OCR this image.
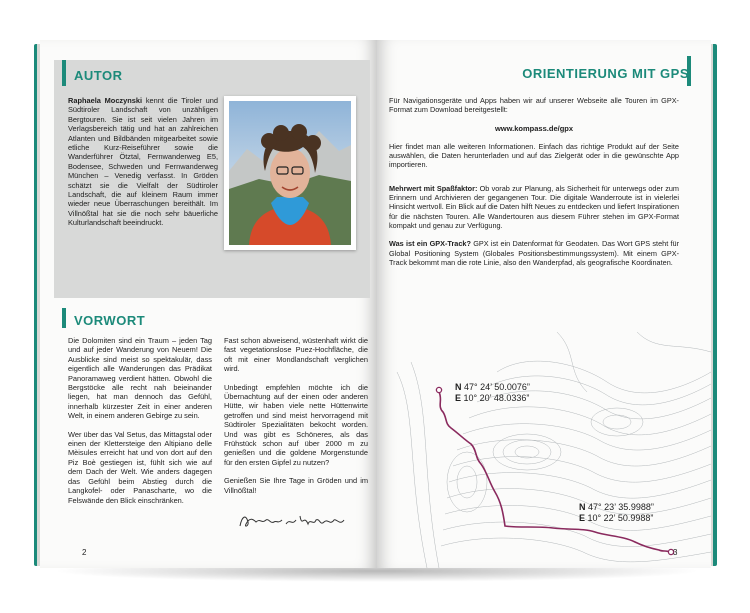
AUTOR
Raphaela Moczynski kennt die Tiroler und Südtiroler Landschaft von unzähligen Bergtouren. Sie ist seit vielen Jahren im Verlagsbereich tätig und hat an zahlreichen Atlanten und Bildbänden mitgearbeitet sowie etliche Kurz-Reiseführer sowie die Wanderführer Ötztal, Fernwanderweg E5, Bodensee, Schweden und Fernwanderweg München – Venedig verfasst. In Gröden schätzt sie die Vielfalt der Südtiroler Landschaft, die auf kleinem Raum immer wieder neue Überraschungen bereithält. Im Villnößtal hat sie die noch sehr bäuerliche Kulturlandschaft beeindruckt.
VORWORT

Die Dolomiten sind ein Traum – jeden Tag und auf jeder Wanderung von Neuem! Die Ausblicke sind meist so spektakulär, dass eigentlich alle Wanderungen das Prädikat Panoramaweg verdient hätten. Obwohl die Bergstöcke alle recht nah beieinander liegen, hat man dennoch das Gefühl, innerhalb kürzester Zeit in einer anderen Welt, in einem anderen Gebirge zu sein.

Wer über das Val Setus, das Mittagstal oder einen der Klettersteige den Altipiano delle Mèisules erreicht hat und von dort auf den Piz Boè gestiegen ist, fühlt sich wie auf dem Dach der Welt. Wie anders dagegen das Gefühl beim Abstieg durch die Langkofel- oder Panascharte, wo die Felswände den Blick einschränken.

Fast schon abweisend, wüstenhaft wirkt die fast vegetationslose Puez-Hochfläche, die oft mit einer Mondlandschaft verglichen wird.

Unbedingt empfehlen möchte ich die Übernachtung auf der einen oder anderen Hütte, wir haben viele nette Hüttenwirte getroffen und sind meist hervorragend mit Südtiroler Spezialitäten bekocht worden. Und was gibt es Schöneres, als das Frühstück schon auf über 2000 m zu genießen und die goldene Morgenstunde für den ersten Gipfel zu nutzen?

Genießen Sie Ihre Tage in Gröden und im Villnößtal!

2
ORIENTIERUNG MIT GPS

Für Navigationsgeräte und Apps haben wir auf unserer Webseite alle Touren im GPX-Format zum Download bereitgestellt:

www.kompass.de/gpx

Hier findet man alle weiteren Informationen. Einfach das richtige Produkt auf der Seite auswählen, die Daten herunterladen und auf das Zielgerät oder in die gewünschte App importieren.

Mehrwert mit Spaßfaktor: Ob vorab zur Planung, als Sicherheit für unterwegs oder zum Erinnern und Archivieren der gegangenen Tour. Die digitale Wanderroute ist in vielerlei Hinsicht wertvoll. Ein Blick auf die Daten hilft Neues zu entdecken und liefert Inspirationen für die nächsten Touren. Alle Wandertouren aus diesem Führer stehen im GPX-Format kompakt und genau zur Verfügung.

Was ist ein GPX-Track? GPX ist ein Datenformat für Geodaten. Das Wort GPS steht für Global Positioning System (Globales Positionsbestimmungssystem). Mit einem GPX-Track bekommt man die rote Linie, also den Wanderpfad, als geografische Koordinaten.

N 47° 24’ 50.0076”
E 10° 20’ 48.0336”
N 47° 23’ 35.9988”
E 10° 22’ 50.9988”
3
